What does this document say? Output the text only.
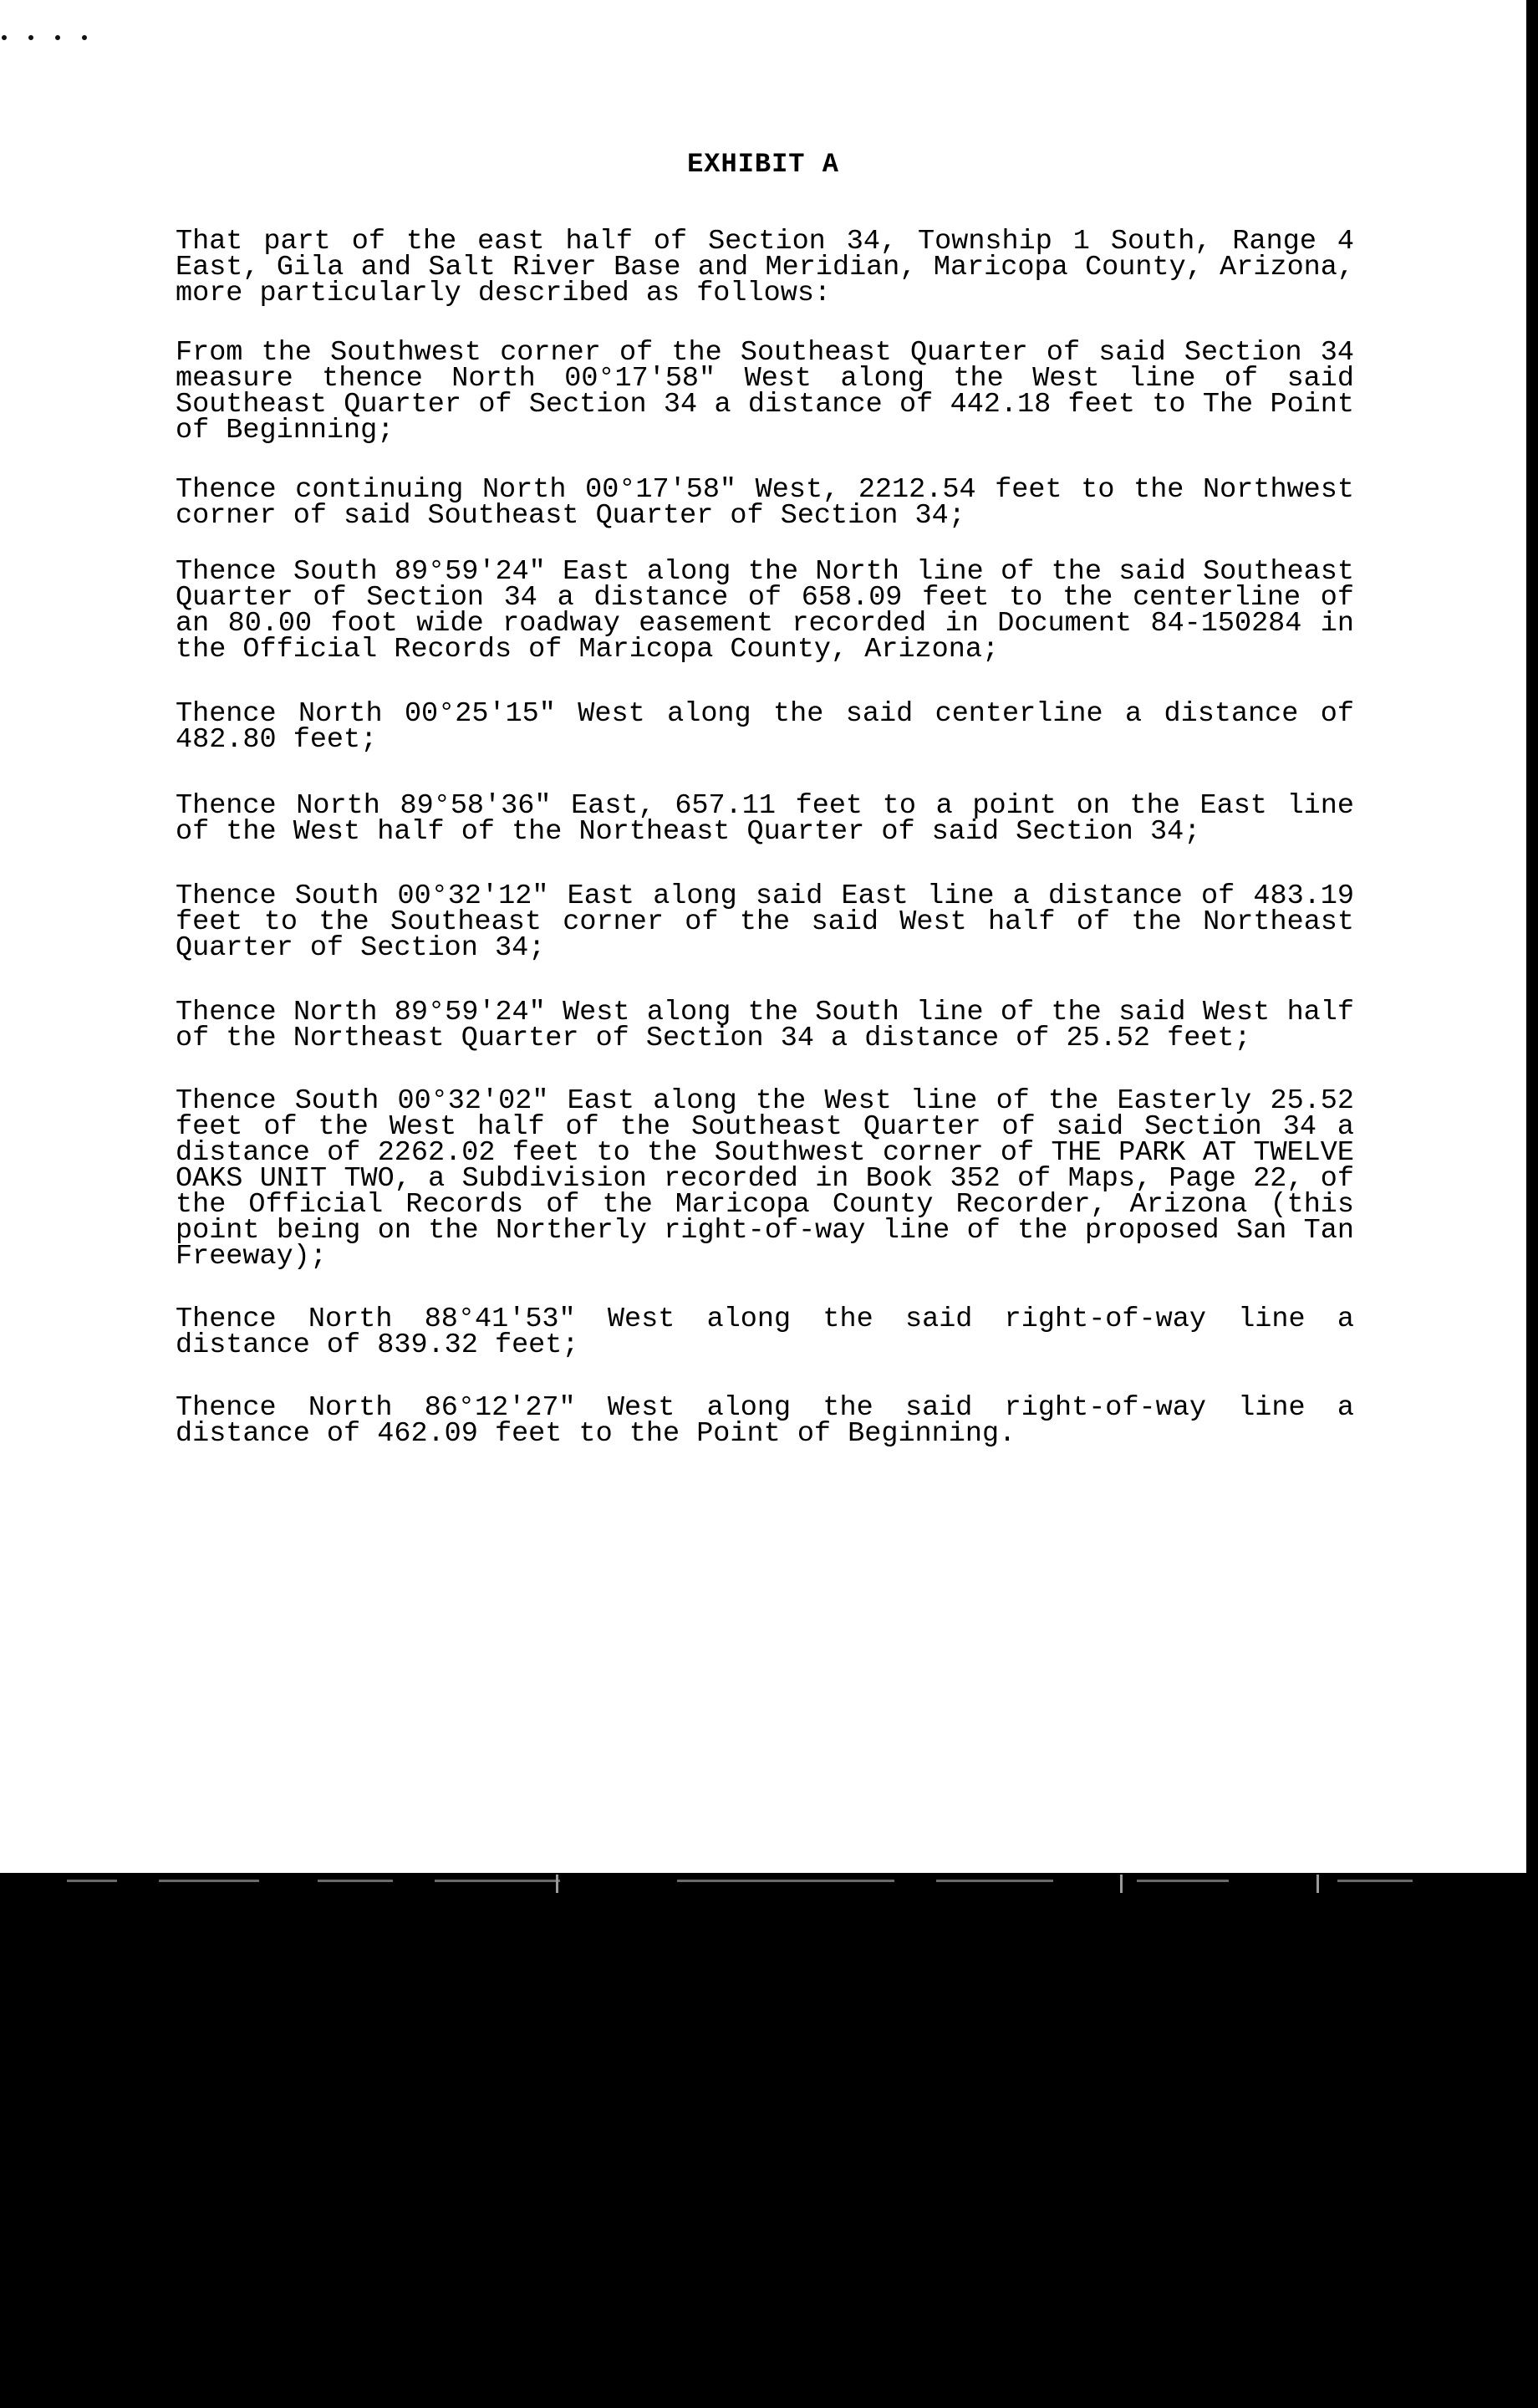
EXHIBIT A

That part of the east half of Section 34, Township 1 South, Range 4 East, Gila and Salt River Base and Meridian, Maricopa County, Arizona, more particularly described as follows:

From the Southwest corner of the Southeast Quarter of said Section 34 measure thence North 00°17′58" West along the West line of said Southeast Quarter of Section 34 a distance of 442.18 feet to The Point of Beginning;

Thence continuing North 00°17′58" West, 2212.54 feet to the Northwest corner of said Southeast Quarter of Section 34;

Thence South 89°59′24" East along the North line of the said Southeast Quarter of Section 34 a distance of 658.09 feet to the centerline of an 80.00 foot wide roadway easement recorded in Document 84-150284 in the Official Records of Maricopa County, Arizona;

Thence North 00°25′15" West along the said centerline a distance of 482.80 feet;

Thence North 89°58′36" East, 657.11 feet to a point on the East line of the West half of the Northeast Quarter of said Section 34;

Thence South 00°32′12" East along said East line a distance of 483.19 feet to the Southeast corner of the said West half of the Northeast Quarter of Section 34;

Thence North 89°59′24" West along the South line of the said West half of the Northeast Quarter of Section 34 a distance of 25.52 feet;

Thence South 00°32′02" East along the West line of the Easterly 25.52 feet of the West half of the Southeast Quarter of said Section 34 a distance of 2262.02 feet to the Southwest corner of THE PARK AT TWELVE OAKS UNIT TWO, a Subdivision recorded in Book 352 of Maps, Page 22, of the Official Records of the Maricopa County Recorder, Arizona (this point being on the Northerly right-of-way line of the proposed San Tan Freeway);

Thence North 88°41′53" West along the said right-of-way line a distance of 839.32 feet;

Thence North 86°12′27" West along the said right-of-way line a distance of 462.09 feet to the Point of Beginning.
